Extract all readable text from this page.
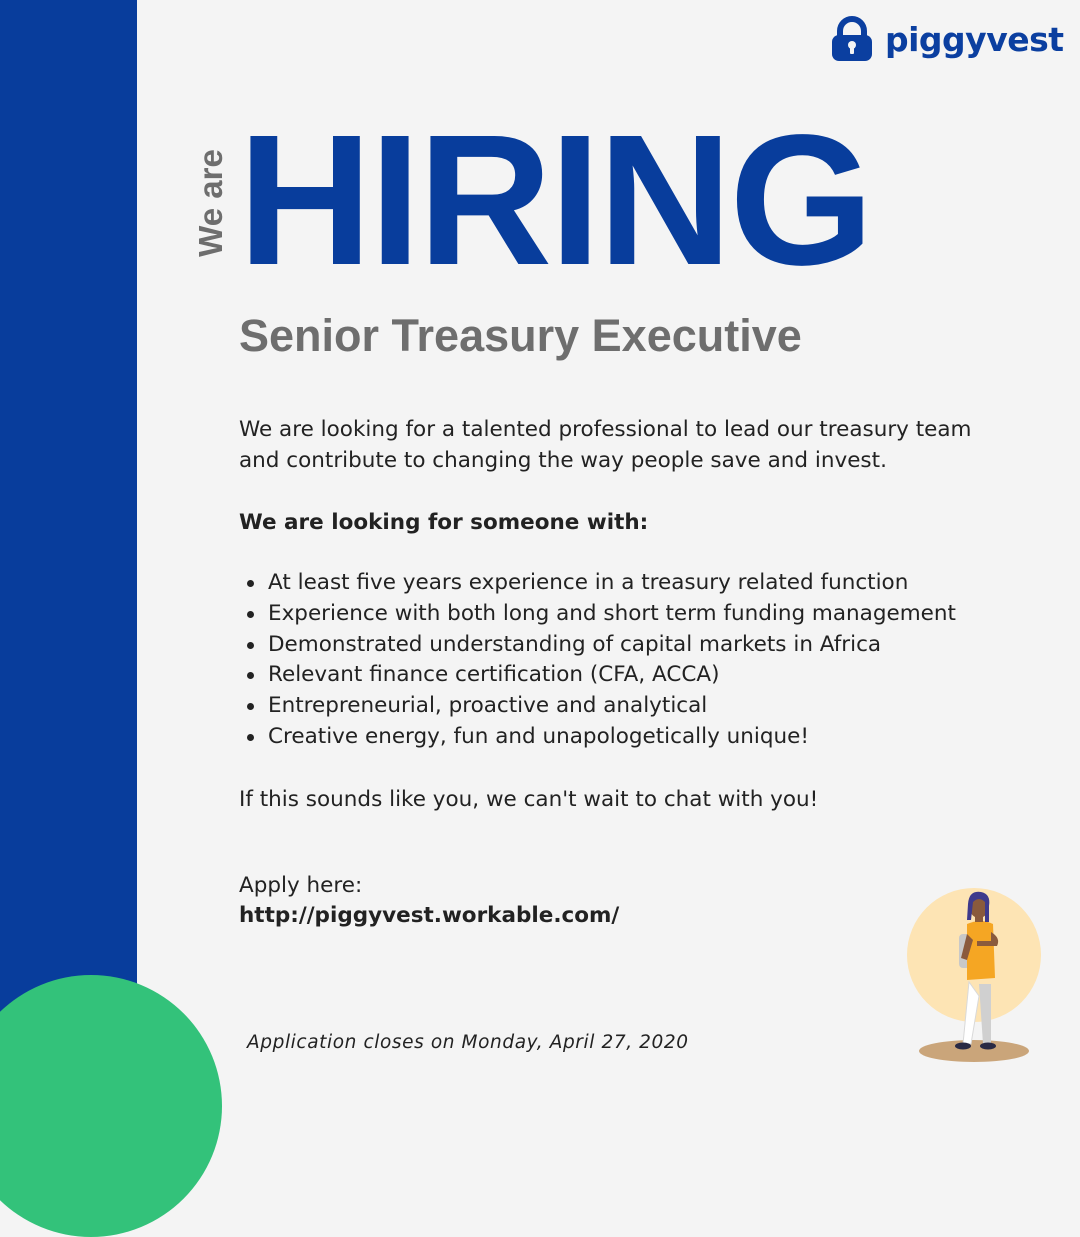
piggyvest
We are HIRING
Senior Treasury Executive
We are looking for a talented professional to lead our treasury team and contribute to changing the way people save and invest.
We are looking for someone with:
At least five years experience in a treasury related function
Experience with both long and short term funding management
Demonstrated understanding of capital markets in Africa
Relevant finance certification (CFA, ACCA)
Entrepreneurial, proactive and analytical
Creative energy, fun and unapologetically unique!
If this sounds like you, we can't wait to chat with you!
Apply here:
http://piggyvest.workable.com/
Application closes on Monday, April 27, 2020
